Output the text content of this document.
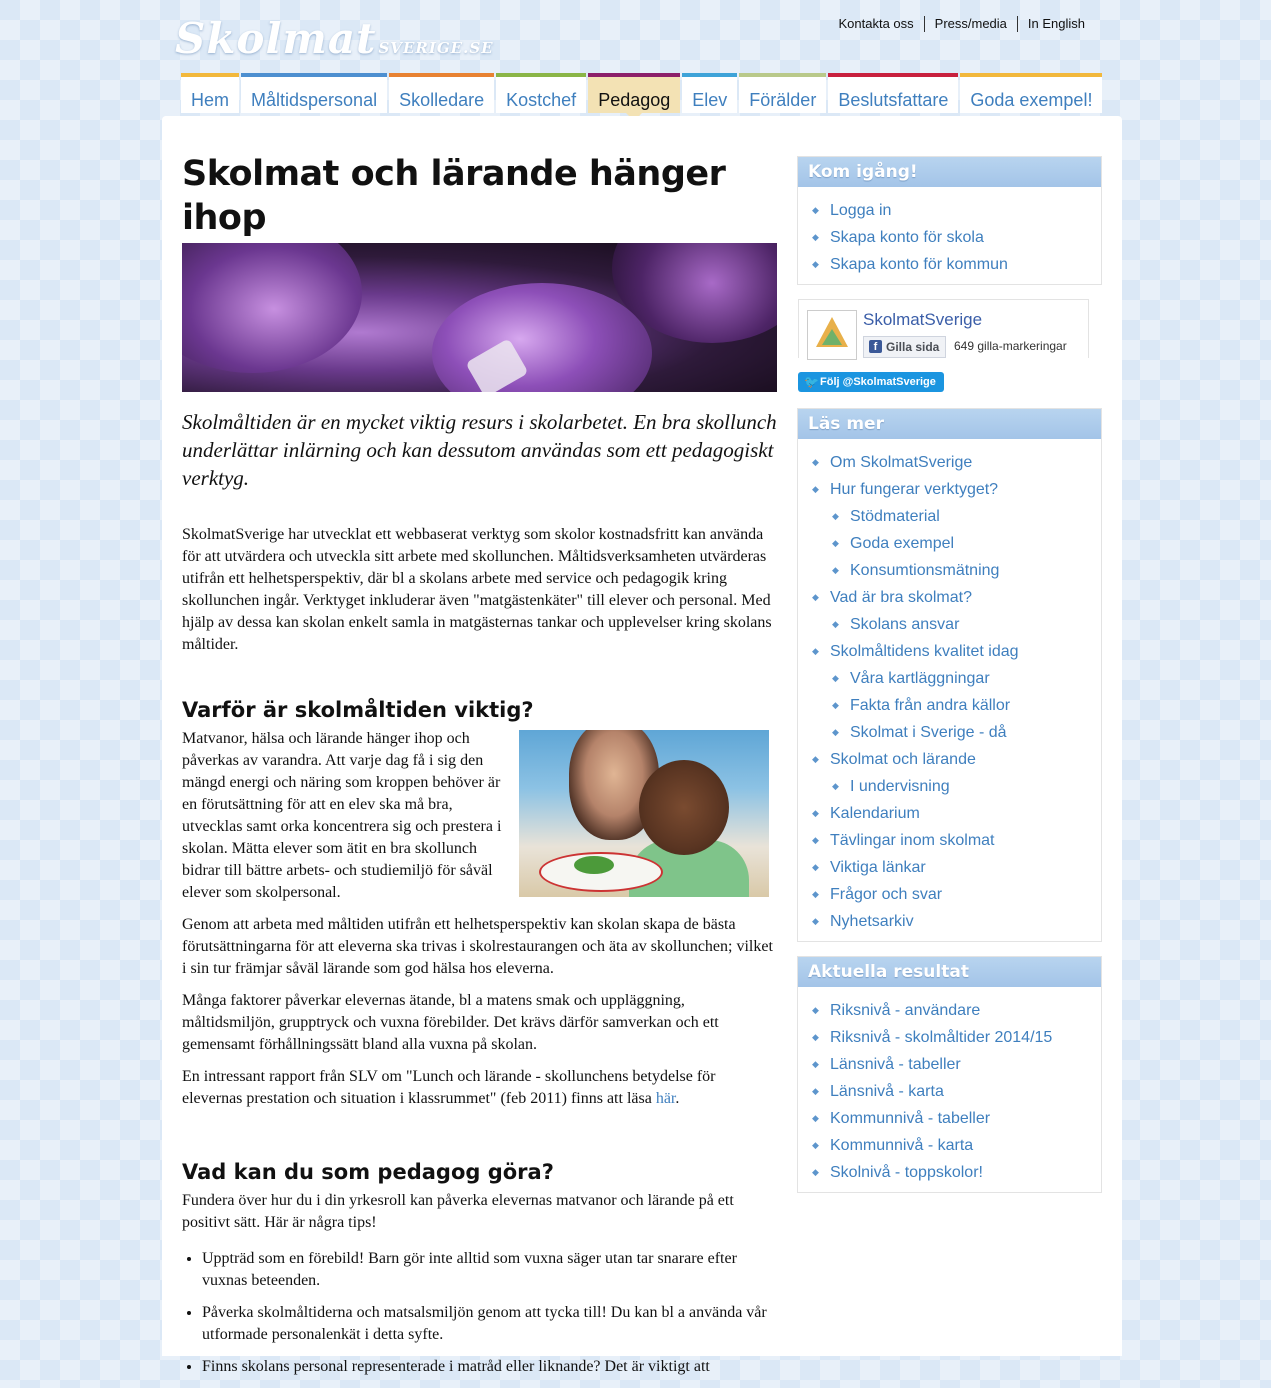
Skolmat SVERIGE.SE
Kontakta oss	Press/media	In English
Hem	Måltidspersonal	Skolledare	Kostchef	Pedagog	Elev	Förälder	Beslutsfattare	Goda exempel!
Skolmat och lärande hänger ihop
Skolmåltiden är en mycket viktig resurs i skolarbetet. En bra skollunch underlättar inlärning och kan dessutom användas som ett pedagogiskt verktyg.

SkolmatSverige har utvecklat ett webbaserat verktyg som skolor kostnadsfritt kan använda för att utvärdera och utveckla sitt arbete med skollunchen. Måltidsverksamheten utvärderas utifrån ett helhetsperspektiv, där bl a skolans arbete med service och pedagogik kring skollunchen ingår. Verktyget inkluderar även "matgästenkäter" till elever och personal. Med hjälp av dessa kan skolan enkelt samla in matgästernas tankar och upplevelser kring skolans måltider.

Varför är skolmåltiden viktig?

Matvanor, hälsa och lärande hänger ihop och påverkas av varandra. Att varje dag få i sig den mängd energi och näring som kroppen behöver är en förutsättning för att en elev ska må bra, utvecklas samt orka koncentrera sig och prestera i skolan. Mätta elever som ätit en bra skollunch bidrar till bättre arbets- och studiemiljö för såväl elever som skolpersonal.

Genom att arbeta med måltiden utifrån ett helhetsperspektiv kan skolan skapa de bästa förutsättningarna för att eleverna ska trivas i skolrestaurangen och äta av skollunchen; vilket i sin tur främjar såväl lärande som god hälsa hos eleverna.

Många faktorer påverkar elevernas ätande, bl a matens smak och uppläggning, måltidsmiljön, grupptryck och vuxna förebilder. Det krävs därför samverkan och ett gemensamt förhållningssätt bland alla vuxna på skolan.

En intressant rapport från SLV om "Lunch och lärande - skollunchens betydelse för elevernas prestation och situation i klassrummet" (feb 2011) finns att läsa här.

Vad kan du som pedagog göra?

Fundera över hur du i din yrkesroll kan påverka elevernas matvanor och lärande på ett positivt sätt. Här är några tips!

• Uppträd som en förebild! Barn gör inte alltid som vuxna säger utan tar snarare efter vuxnas beteenden.
• Påverka skolmåltiderna och matsalsmiljön genom att tycka till! Du kan bl a använda vår utformade personalenkät i detta syfte.
• Finns skolans personal representerade i matråd eller liknande? Det är viktigt att
Kom igång!
◆ Logga in
◆ Skapa konto för skola
◆ Skapa konto för kommun
SkolmatSverige
f Gilla sida	649 gilla-markeringar
🐦 Följ @SkolmatSverige
Läs mer
◆ Om SkolmatSverige
◆ Hur fungerar verktyget?
◆ Stödmaterial
◆ Goda exempel
◆ Konsumtionsmätning
◆ Vad är bra skolmat?
◆ Skolans ansvar
◆ Skolmåltidens kvalitet idag
◆ Våra kartläggningar
◆ Fakta från andra källor
◆ Skolmat i Sverige - då
◆ Skolmat och lärande
◆ I undervisning
◆ Kalendarium
◆ Tävlingar inom skolmat
◆ Viktiga länkar
◆ Frågor och svar
◆ Nyhetsarkiv
Aktuella resultat
◆ Riksnivå - användare
◆ Riksnivå - skolmåltider 2014/15
◆ Länsnivå - tabeller
◆ Länsnivå - karta
◆ Kommunnivå - tabeller
◆ Kommunnivå - karta
◆ Skolnivå - toppskolor!
